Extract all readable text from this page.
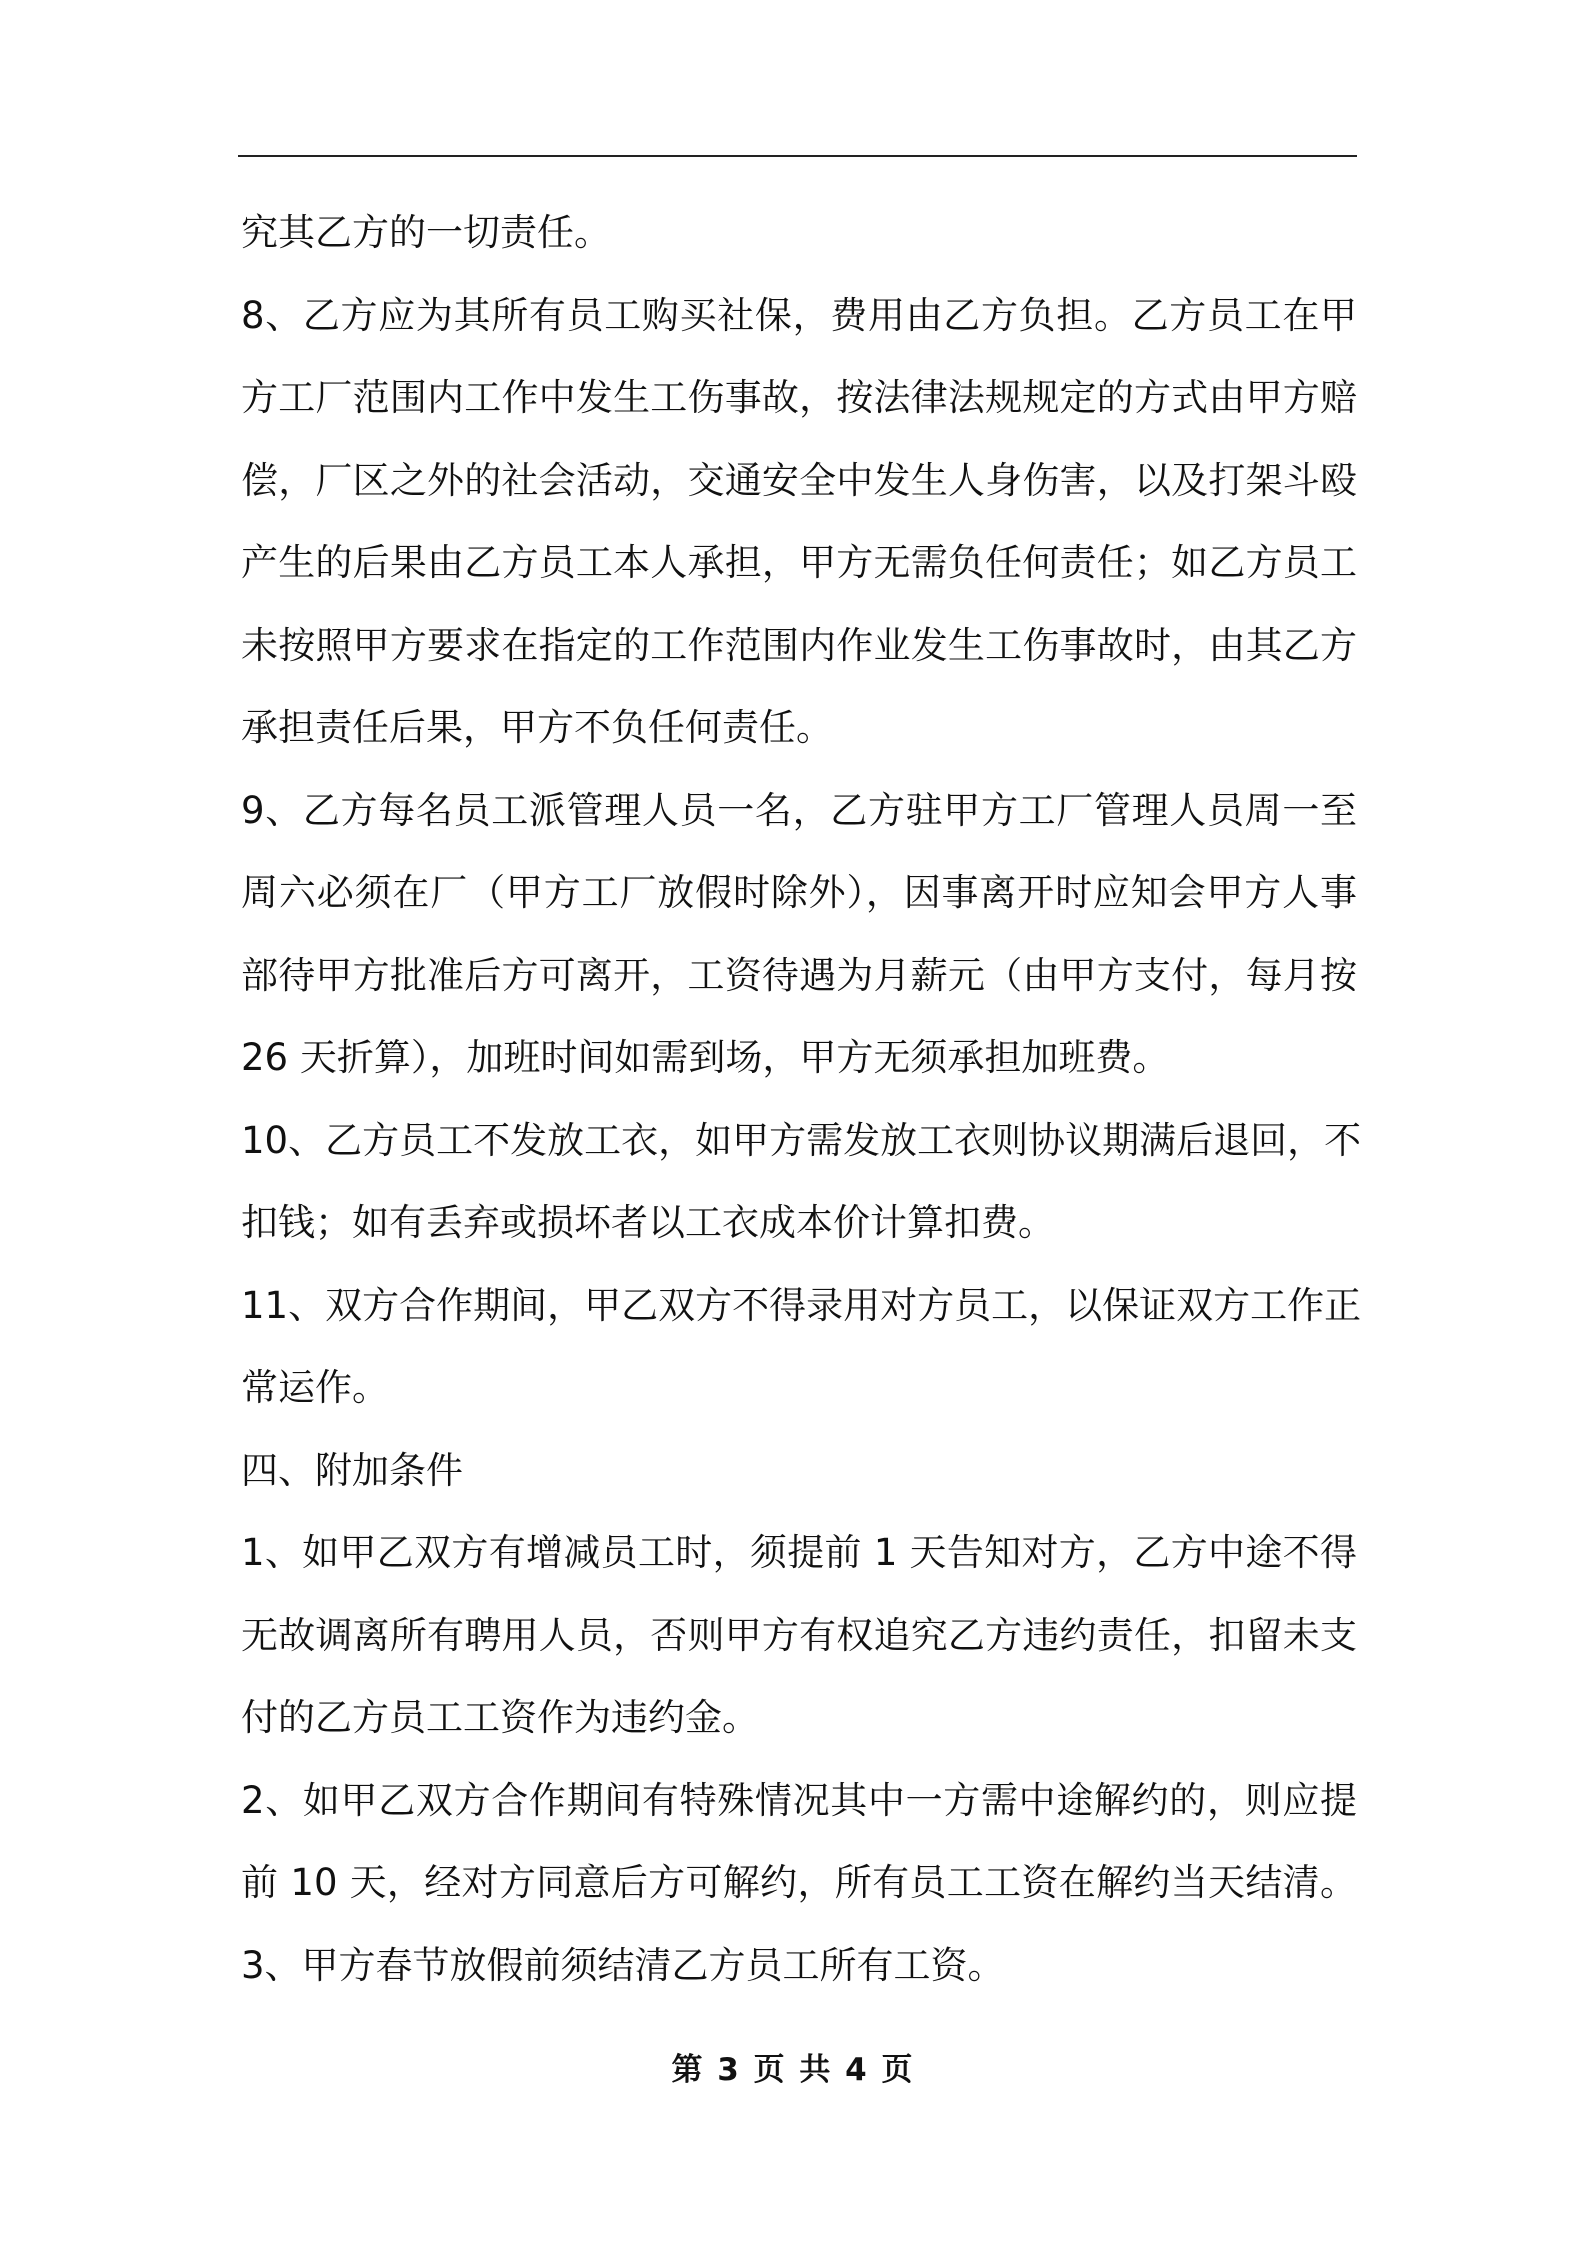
究其乙方的一切责任。
8、乙方应为其所有员工购买社保，费用由乙方负担。乙方员工在甲
方工厂范围内工作中发生工伤事故，按法律法规规定的方式由甲方赔
偿，厂区之外的社会活动，交通安全中发生人身伤害，以及打架斗殴
产生的后果由乙方员工本人承担，甲方无需负任何责任；如乙方员工
未按照甲方要求在指定的工作范围内作业发生工伤事故时，由其乙方
承担责任后果，甲方不负任何责任。
9、乙方每名员工派管理人员一名，乙方驻甲方工厂管理人员周一至
周六必须在厂（甲方工厂放假时除外），因事离开时应知会甲方人事
部待甲方批准后方可离开，工资待遇为月薪元（由甲方支付，每月按
26 天折算），加班时间如需到场，甲方无须承担加班费。
10、乙方员工不发放工衣，如甲方需发放工衣则协议期满后退回，不
扣钱；如有丢弃或损坏者以工衣成本价计算扣费。
11、双方合作期间，甲乙双方不得录用对方员工，以保证双方工作正
常运作。
四、附加条件
1、如甲乙双方有增减员工时，须提前 1 天告知对方，乙方中途不得
无故调离所有聘用人员，否则甲方有权追究乙方违约责任，扣留未支
付的乙方员工工资作为违约金。
2、如甲乙双方合作期间有特殊情况其中一方需中途解约的，则应提
前 10 天，经对方同意后方可解约，所有员工工资在解约当天结清。
3、甲方春节放假前须结清乙方员工所有工资。
第 3 页 共 4 页
